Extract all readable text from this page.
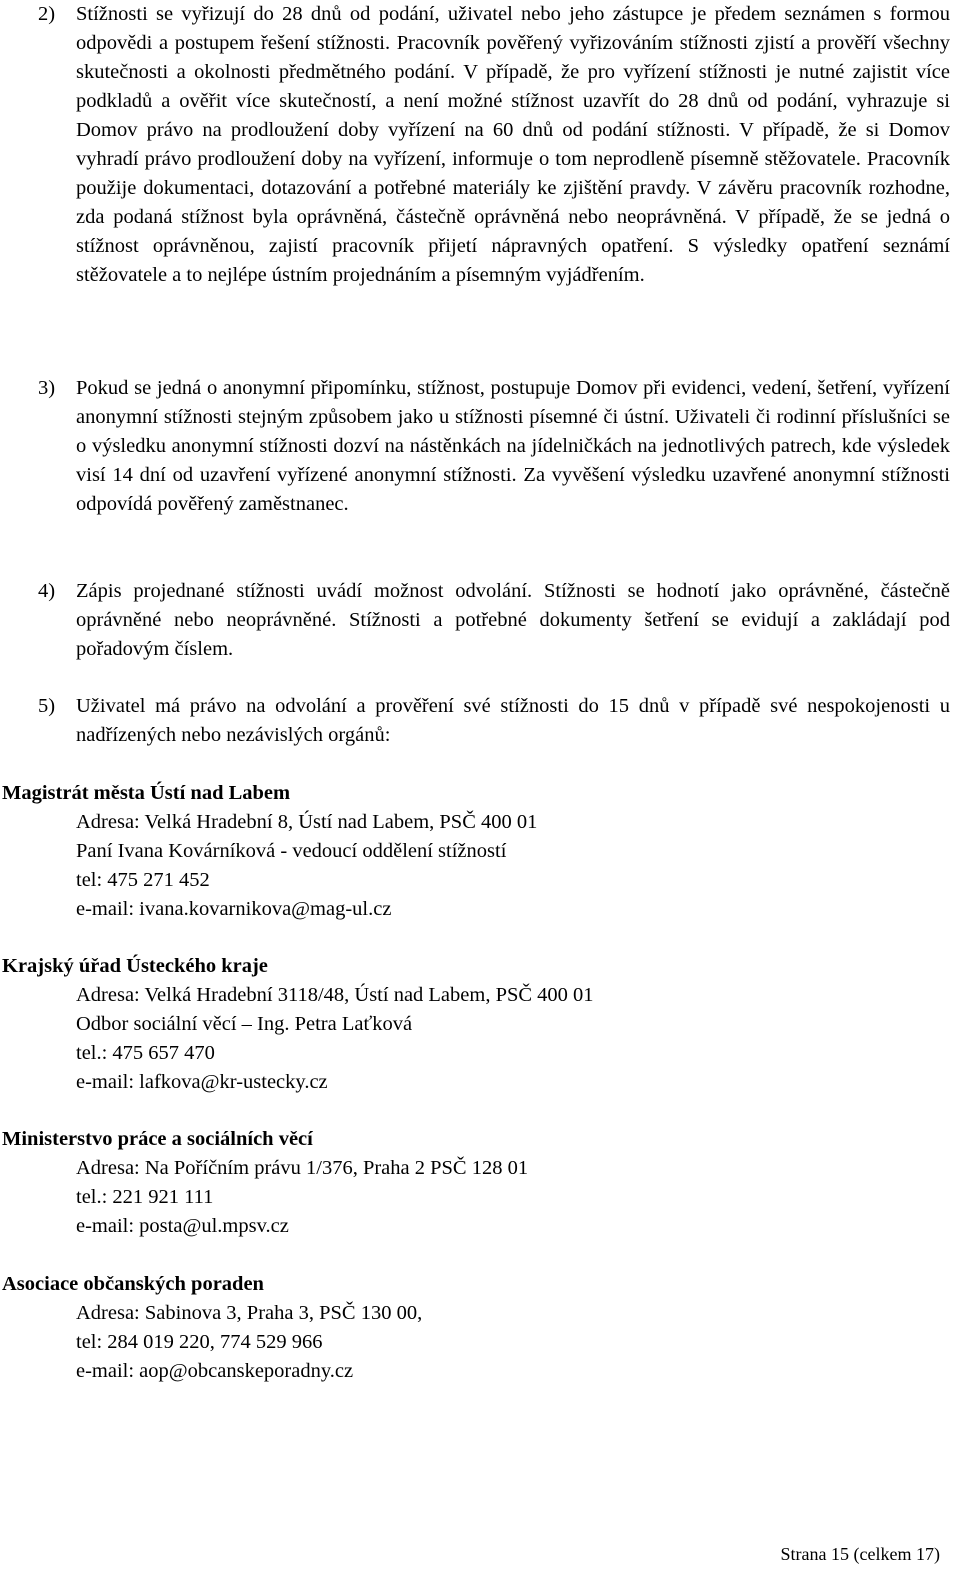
2)	Stížnosti se vyřizují do 28 dnů od podání, uživatel nebo jeho zástupce je předem seznámen s formou odpovědi a postupem řešení stížnosti. Pracovník pověřený vyřizováním stížnosti zjistí a prověří všechny skutečnosti a okolnosti předmětného podání. V případě, že pro vyřízení stížnosti je nutné zajistit více podkladů a ověřit více skutečností, a není možné stížnost uzavřít do 28 dnů od podání, vyhrazuje si Domov právo na prodloužení doby vyřízení na 60 dnů od podání stížnosti. V případě, že si Domov vyhradí právo prodloužení doby na vyřízení, informuje o tom neprodleně písemně stěžovatele. Pracovník použije dokumentaci, dotazování a potřebné materiály ke zjištění pravdy. V závěru pracovník rozhodne, zda podaná stížnost byla oprávněná, částečně oprávněná nebo neoprávněná. V případě, že se jedná o stížnost oprávněnou, zajistí pracovník přijetí nápravných opatření. S výsledky opatření seznámí stěžovatele a to nejlépe ústním projednáním a písemným vyjádřením.
3)	Pokud se jedná o anonymní připomínku, stížnost, postupuje Domov při evidenci, vedení, šetření, vyřízení anonymní stížnosti stejným způsobem jako u stížnosti písemné či ústní. Uživateli či rodinní příslušníci se o výsledku anonymní stížnosti dozví na nástěnkách na jídelničkách na jednotlivých patrech, kde výsledek visí 14 dní od uzavření vyřízené anonymní stížnosti. Za vyvěšení výsledku uzavřené anonymní stížnosti odpovídá pověřený zaměstnanec.
4)	Zápis projednané stížnosti uvádí možnost odvolání. Stížnosti se hodnotí jako oprávněné, částečně oprávněné nebo neoprávněné. Stížnosti a potřebné dokumenty šetření se evidují a zakládají pod pořadovým číslem.
5)	Uživatel má právo na odvolání a prověření své stížnosti do 15 dnů v případě své nespokojenosti u nadřízených nebo nezávislých orgánů:
Magistrát města Ústí nad Labem
Adresa: Velká Hradební 8, Ústí nad Labem, PSČ 400 01
Paní Ivana Kovárníková - vedoucí oddělení stížností
tel: 475 271 452
e-mail: ivana.kovarnikova@mag-ul.cz
Krajský úřad Ústeckého kraje
Adresa: Velká Hradební 3118/48, Ústí nad Labem, PSČ 400 01
Odbor sociální věcí – Ing. Petra Laťková
tel.: 475 657 470
e-mail: lafkova@kr-ustecky.cz
Ministerstvo práce a sociálních věcí
Adresa: Na Poříčním právu 1/376, Praha 2 PSČ 128 01
tel.: 221 921 111
e-mail: posta@ul.mpsv.cz
Asociace občanských poraden
Adresa: Sabinova 3, Praha 3, PSČ 130 00,
tel: 284 019 220, 774 529 966
e-mail: aop@obcanskeporadny.cz
Strana 15 (celkem 17)
